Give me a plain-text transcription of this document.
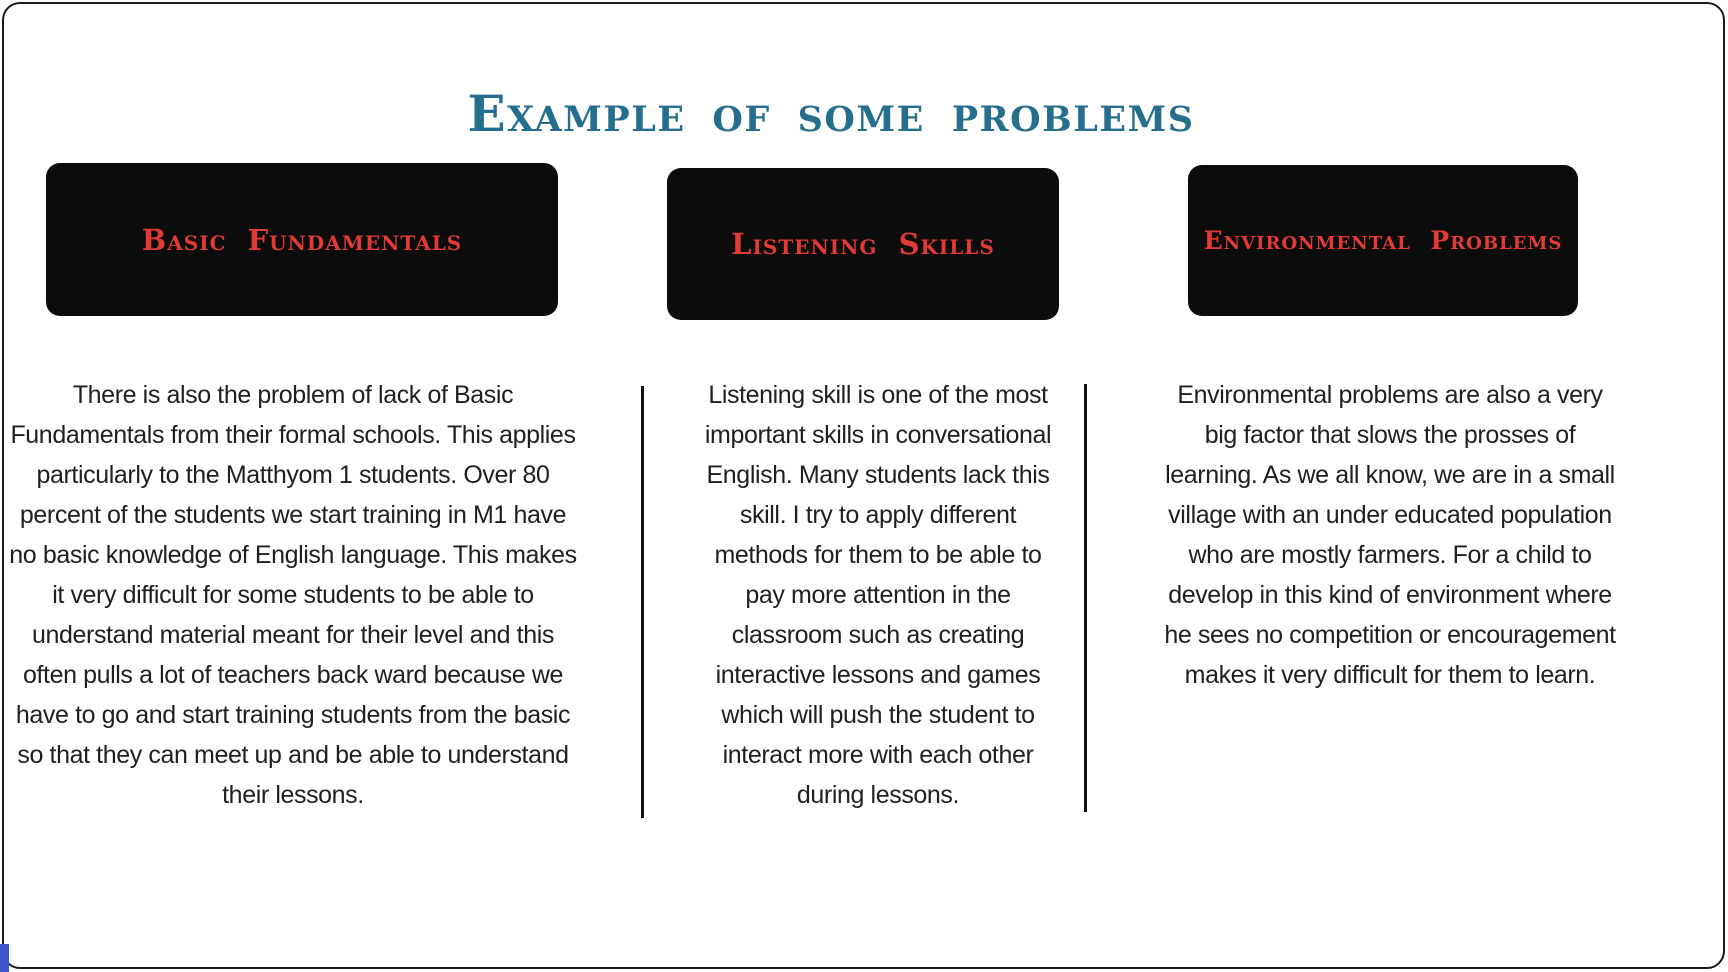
Example of some problems
Basic Fundamentals	Listening Skills	Environmental Problems

There is also the problem of lack of Basic Fundamentals from their formal schools. This applies particularly to the Matthyom 1 students. Over 80 percent of the students we start training in M1 have no basic knowledge of English language. This makes it very difficult for some students to be able to understand material meant for their level and this often pulls a lot of teachers back ward because we have to go and start training students from the basic so that they can meet up and be able to understand their lessons.

Listening skill is one of the most important skills in conversational English. Many students lack this skill. I try to apply different methods for them to be able to pay more attention in the classroom such as creating interactive lessons and games which will push the student to interact more with each other during lessons.

Environmental problems are also a very big factor that slows the prosses of learning. As we all know, we are in a small village with an under educated population who are mostly farmers. For a child to develop in this kind of environment where he sees no competition or encouragement makes it very difficult for them to learn.
